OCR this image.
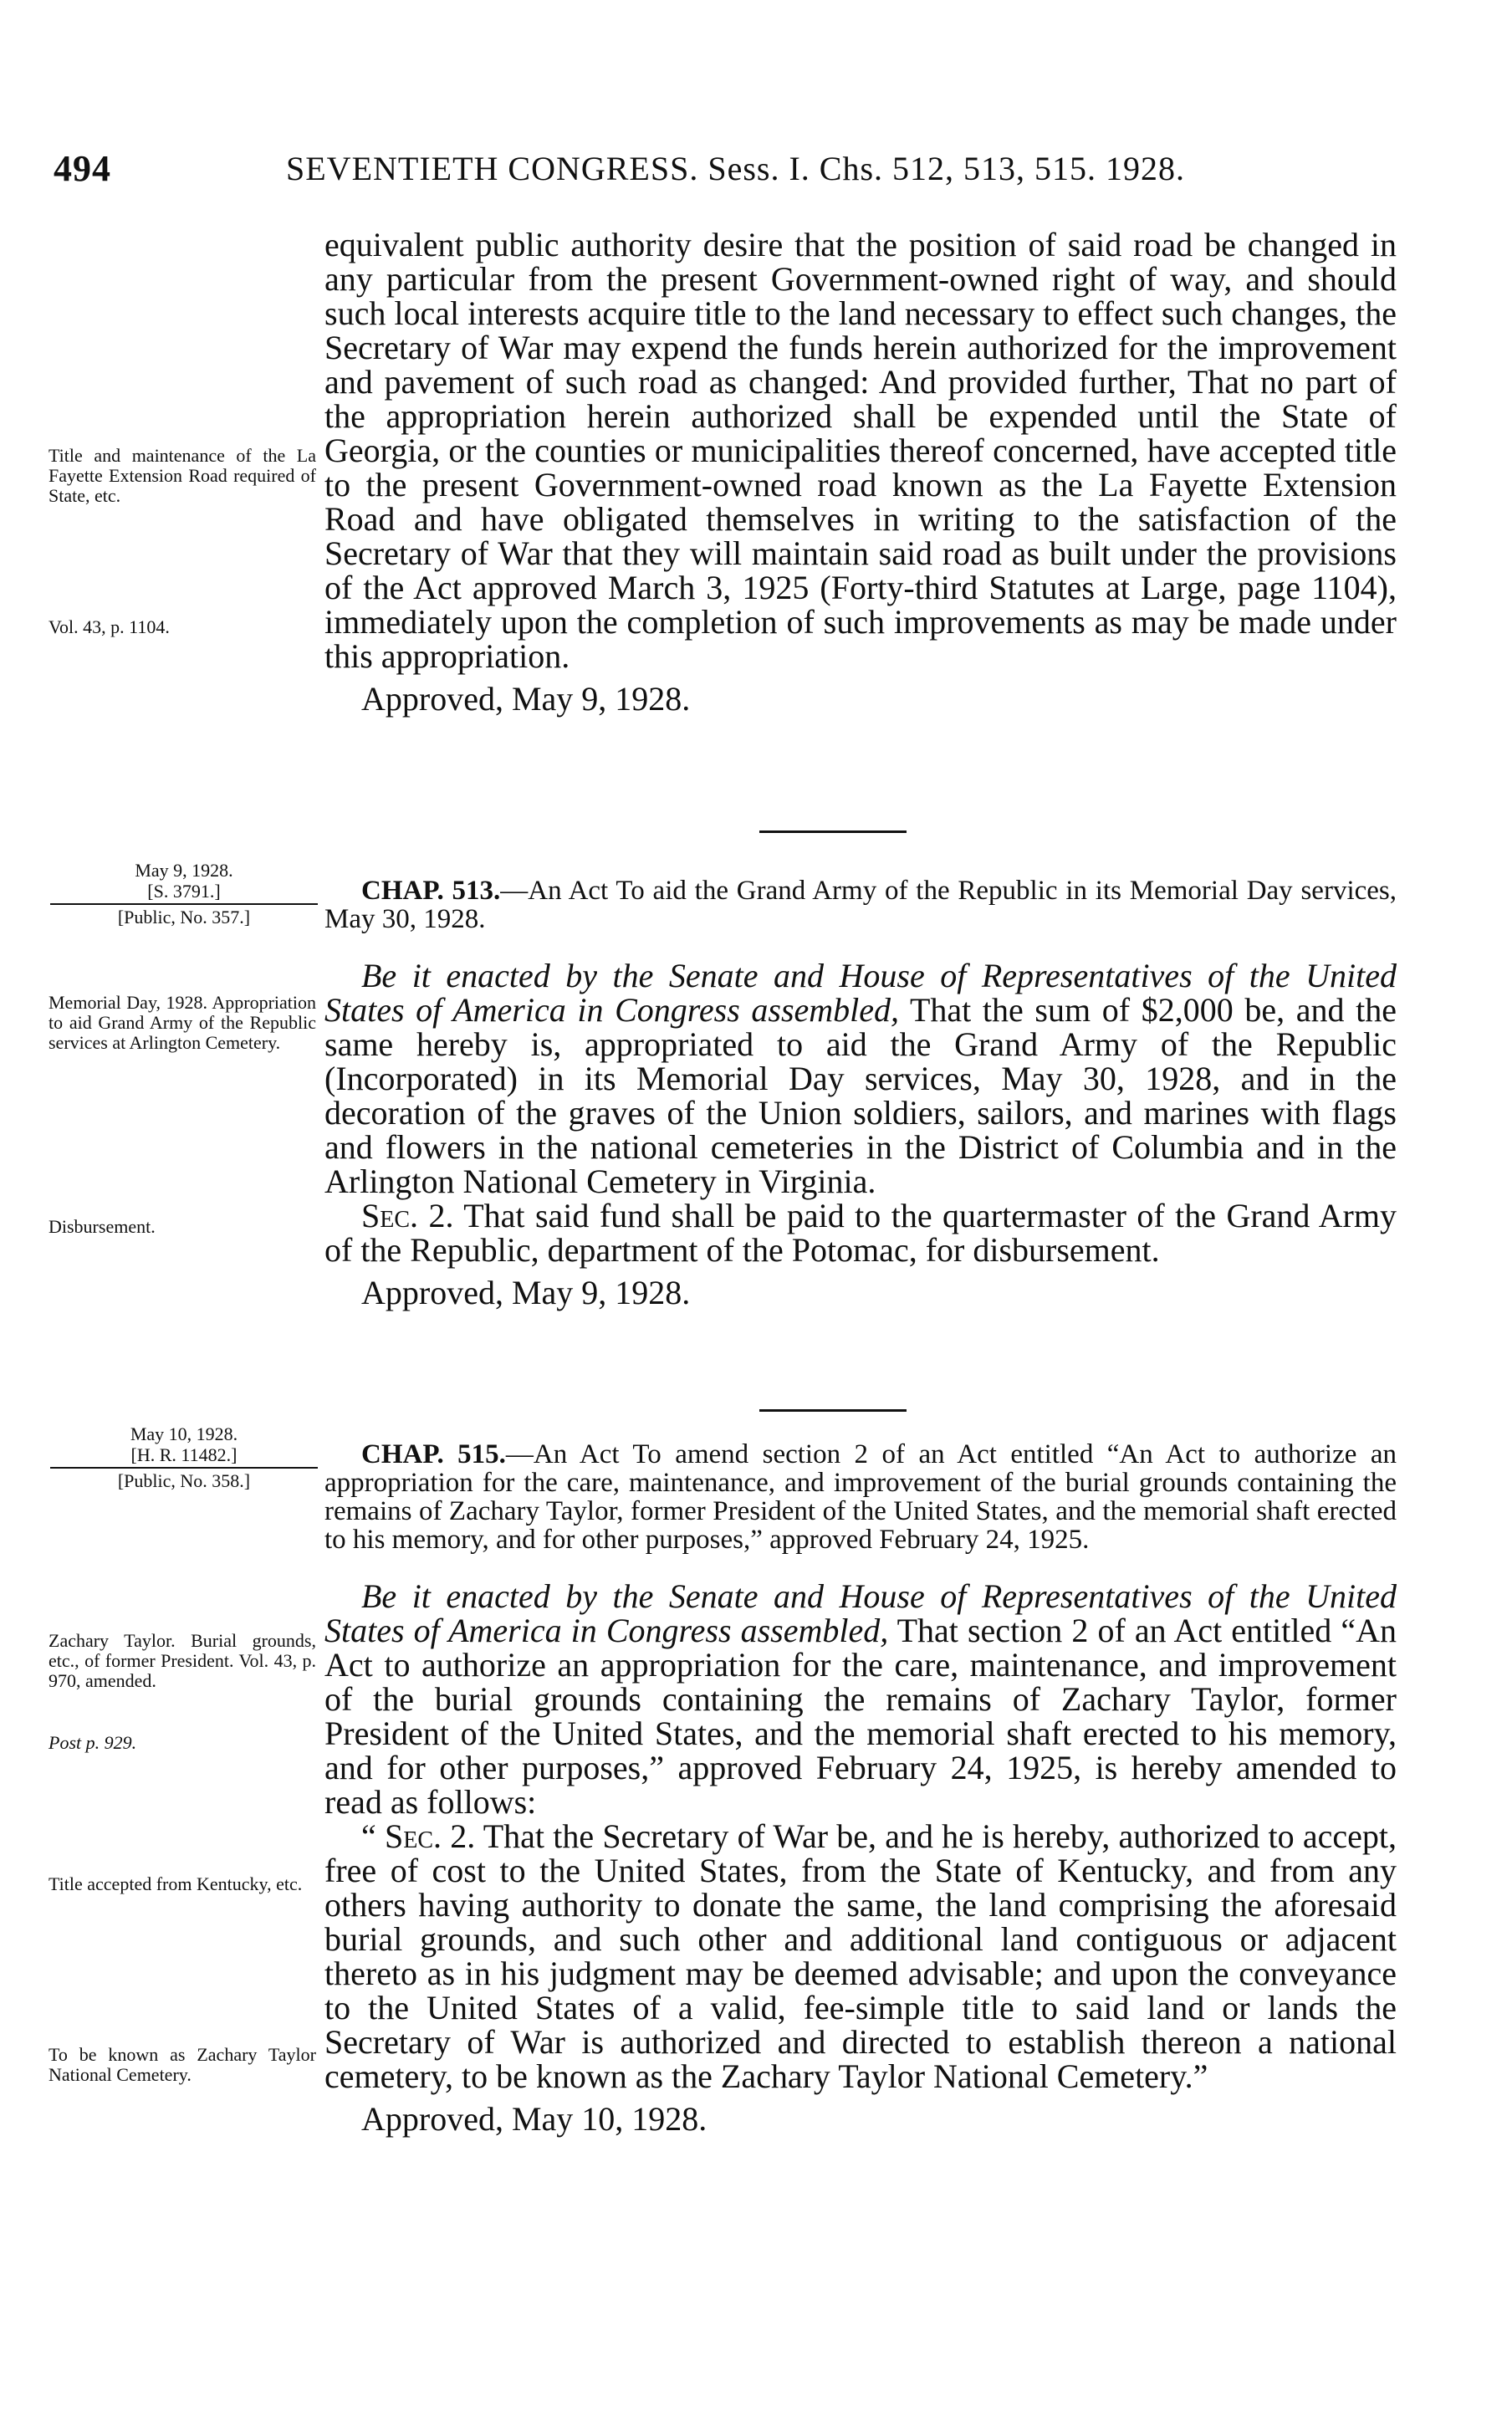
494	SEVENTIETH CONGRESS. Sess. I. Chs. 512, 513, 515. 1928.

equivalent public authority desire that the position of said road be changed in any particular from the present Government-owned right of way, and should such local interests acquire title to the land necessary to effect such changes, the Secretary of War may expend the funds herein authorized for the improvement and pavement of such road as changed: And provided further, That no part of the appropriation herein authorized shall be expended until the State of Georgia, or the counties or municipalities thereof concerned, have accepted title to the present Government-owned road known as the La Fayette Extension Road and have obligated themselves in writing to the satisfaction of the Secretary of War that they will maintain said road as built under the provisions of the Act approved March 3, 1925 (Forty-third Statutes at Large, page 1104), immediately upon the completion of such improvements as may be made under this appropriation.

Approved, May 9, 1928.

Title and maintenance of the La Fayette Extension Road required of State, etc.
Vol. 43, p. 1104.
May 9, 1928.
[S. 3791.]
[Public, No. 357.]

CHAP. 513.—An Act To aid the Grand Army of the Republic in its Memorial Day services, May 30, 1928.

Be it enacted by the Senate and House of Representatives of the United States of America in Congress assembled, That the sum of $2,000 be, and the same hereby is, appropriated to aid the Grand Army of the Republic (Incorporated) in its Memorial Day services, May 30, 1928, and in the decoration of the graves of the Union soldiers, sailors, and marines with flags and flowers in the national cemeteries in the District of Columbia and in the Arlington National Cemetery in Virginia.

Sec. 2. That said fund shall be paid to the quartermaster of the Grand Army of the Republic, department of the Potomac, for disbursement.

Approved, May 9, 1928.

Memorial Day, 1928. Appropriation to aid Grand Army of the Republic services at Arlington Cemetery.
Disbursement.
May 10, 1928.
[H. R. 11482.]
[Public, No. 358.]

CHAP. 515.—An Act To amend section 2 of an Act entitled “An Act to authorize an appropriation for the care, maintenance, and improvement of the burial grounds containing the remains of Zachary Taylor, former President of the United States, and the memorial shaft erected to his memory, and for other purposes,” approved February 24, 1925.

Be it enacted by the Senate and House of Representatives of the United States of America in Congress assembled, That section 2 of an Act entitled “An Act to authorize an appropriation for the care, maintenance, and improvement of the burial grounds containing the remains of Zachary Taylor, former President of the United States, and the memorial shaft erected to his memory, and for other purposes,” approved February 24, 1925, is hereby amended to read as follows:

“ Sec. 2. That the Secretary of War be, and he is hereby, authorized to accept, free of cost to the United States, from the State of Kentucky, and from any others having authority to donate the same, the land comprising the aforesaid burial grounds, and such other and additional land contiguous or adjacent thereto as in his judgment may be deemed advisable; and upon the conveyance to the United States of a valid, fee-simple title to said land or lands the Secretary of War is authorized and directed to establish thereon a national cemetery, to be known as the Zachary Taylor National Cemetery.”

Approved, May 10, 1928.

Zachary Taylor. Burial grounds, etc., of former President. Vol. 43, p. 970, amended.
Post p. 929.
Title accepted from Kentucky, etc.
To be known as Zachary Taylor National Cemetery.
